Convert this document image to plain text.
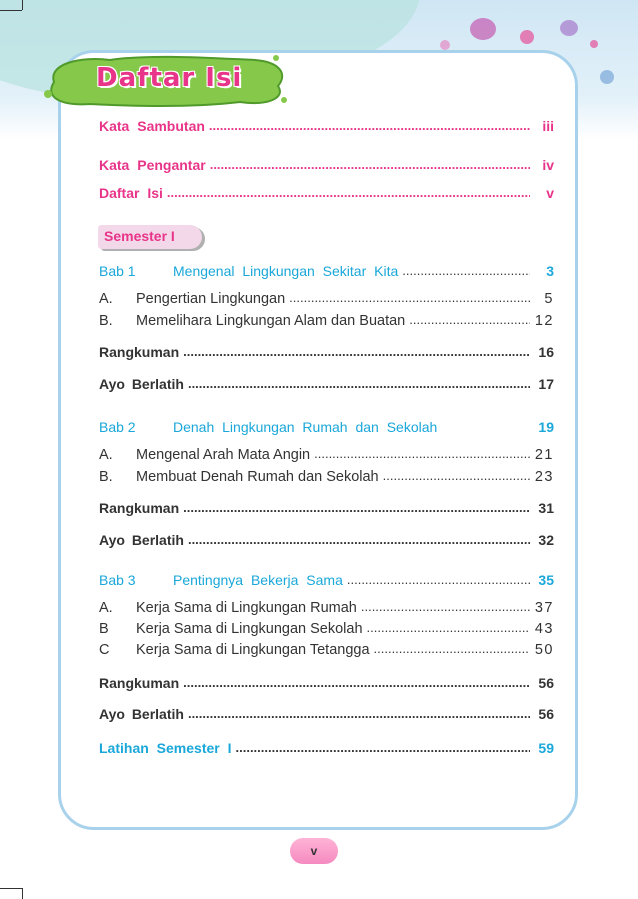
Daftar Isi
Kata Sambutan .....	iii
Kata Pengantar .....	iv
Daftar Isi .....	v
Semester I
Bab 1	Mengenal Lingkungan Sekitar Kita .....	3
A. Pengertian Lingkungan .....	5
B. Memelihara Lingkungan Alam dan Buatan .....	12
Rangkuman .....	16
Ayo Berlatih .....	17
Bab 2	Denah Lingkungan Rumah dan Sekolah	19
A. Mengenal Arah Mata Angin .....	21
B. Membuat Denah Rumah dan Sekolah .....	23
Rangkuman .....	31
Ayo Berlatih .....	32
Bab 3	Pentingnya Bekerja Sama .....	35
A. Kerja Sama di Lingkungan Rumah .....	37
B Kerja Sama di Lingkungan Sekolah .....	43
C Kerja Sama di Lingkungan Tetangga .....	50
Rangkuman .....	56
Ayo Berlatih .....	56
Latihan Semester I .....	59
v
